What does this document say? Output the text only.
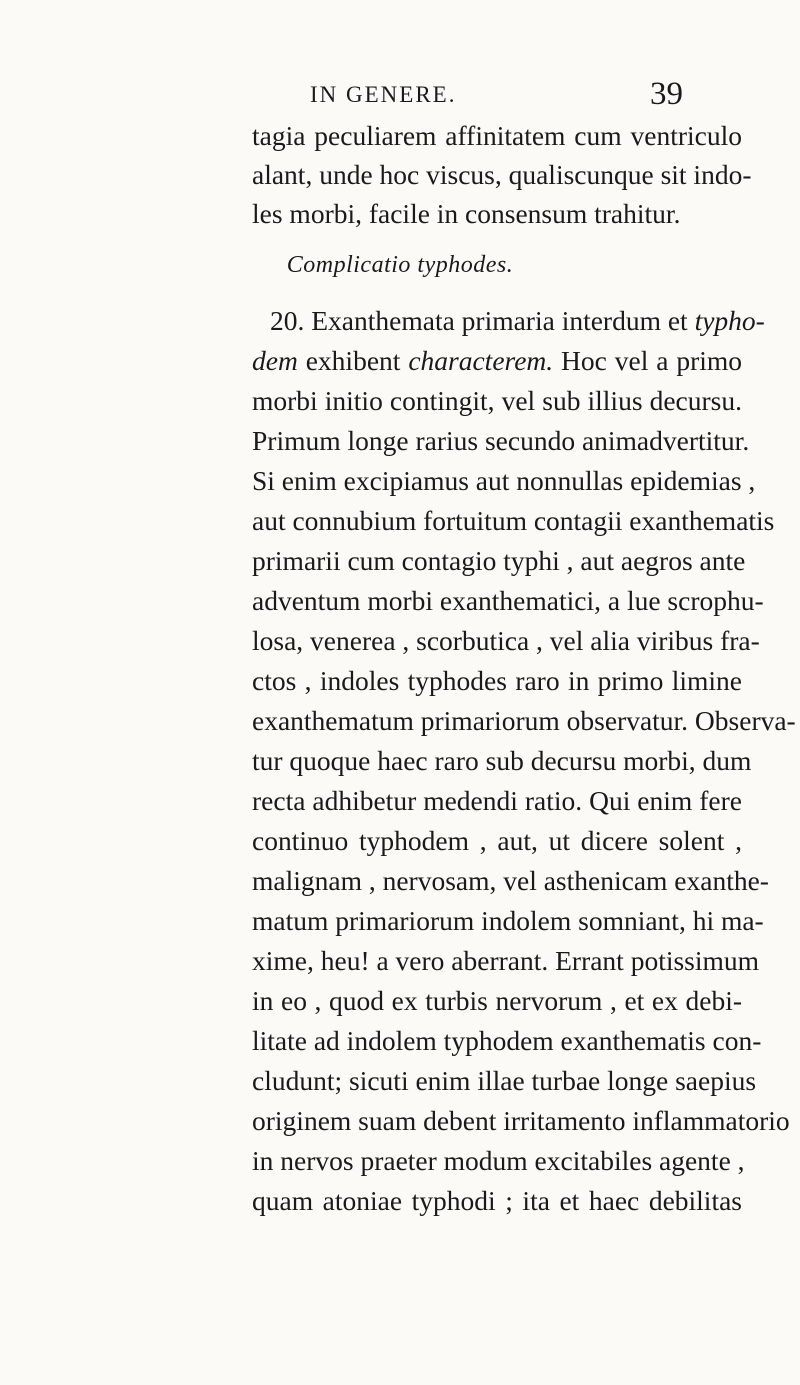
IN GENERE.	39
tagia peculiarem affinitatem cum ventriculo
alant, unde hoc viscus, qualiscunque sit indo-
les morbi, facile in consensum trahitur.
Complicatio typhodes.
20. Exanthemata primaria interdum et typho-
dem exhibent characterem. Hoc vel a primo
morbi initio contingit, vel sub illius decursu.
Primum longe rarius secundo animadvertitur.
Si enim excipiamus aut nonnullas epidemias ,
aut connubium fortuitum contagii exanthematis
primarii cum contagio typhi , aut aegros ante
adventum morbi exanthematici, a lue scrophu-
losa, venerea , scorbutica , vel alia viribus fra-
ctos , indoles typhodes raro in primo limine
exanthematum primariorum observatur. Observa-
tur quoque haec raro sub decursu morbi, dum
recta adhibetur medendi ratio. Qui enim fere
continuo typhodem , aut, ut dicere solent ,
malignam , nervosam, vel asthenicam exanthe-
matum primariorum indolem somniant, hi ma-
xime, heu! a vero aberrant. Errant potissimum
in eo , quod ex turbis nervorum , et ex debi-
litate ad indolem typhodem exanthematis con-
cludunt; sicuti enim illae turbae longe saepius
originem suam debent irritamento inflammatorio
in nervos praeter modum excitabiles agente ,
quam atoniae typhodi ; ita et haec debilitas
